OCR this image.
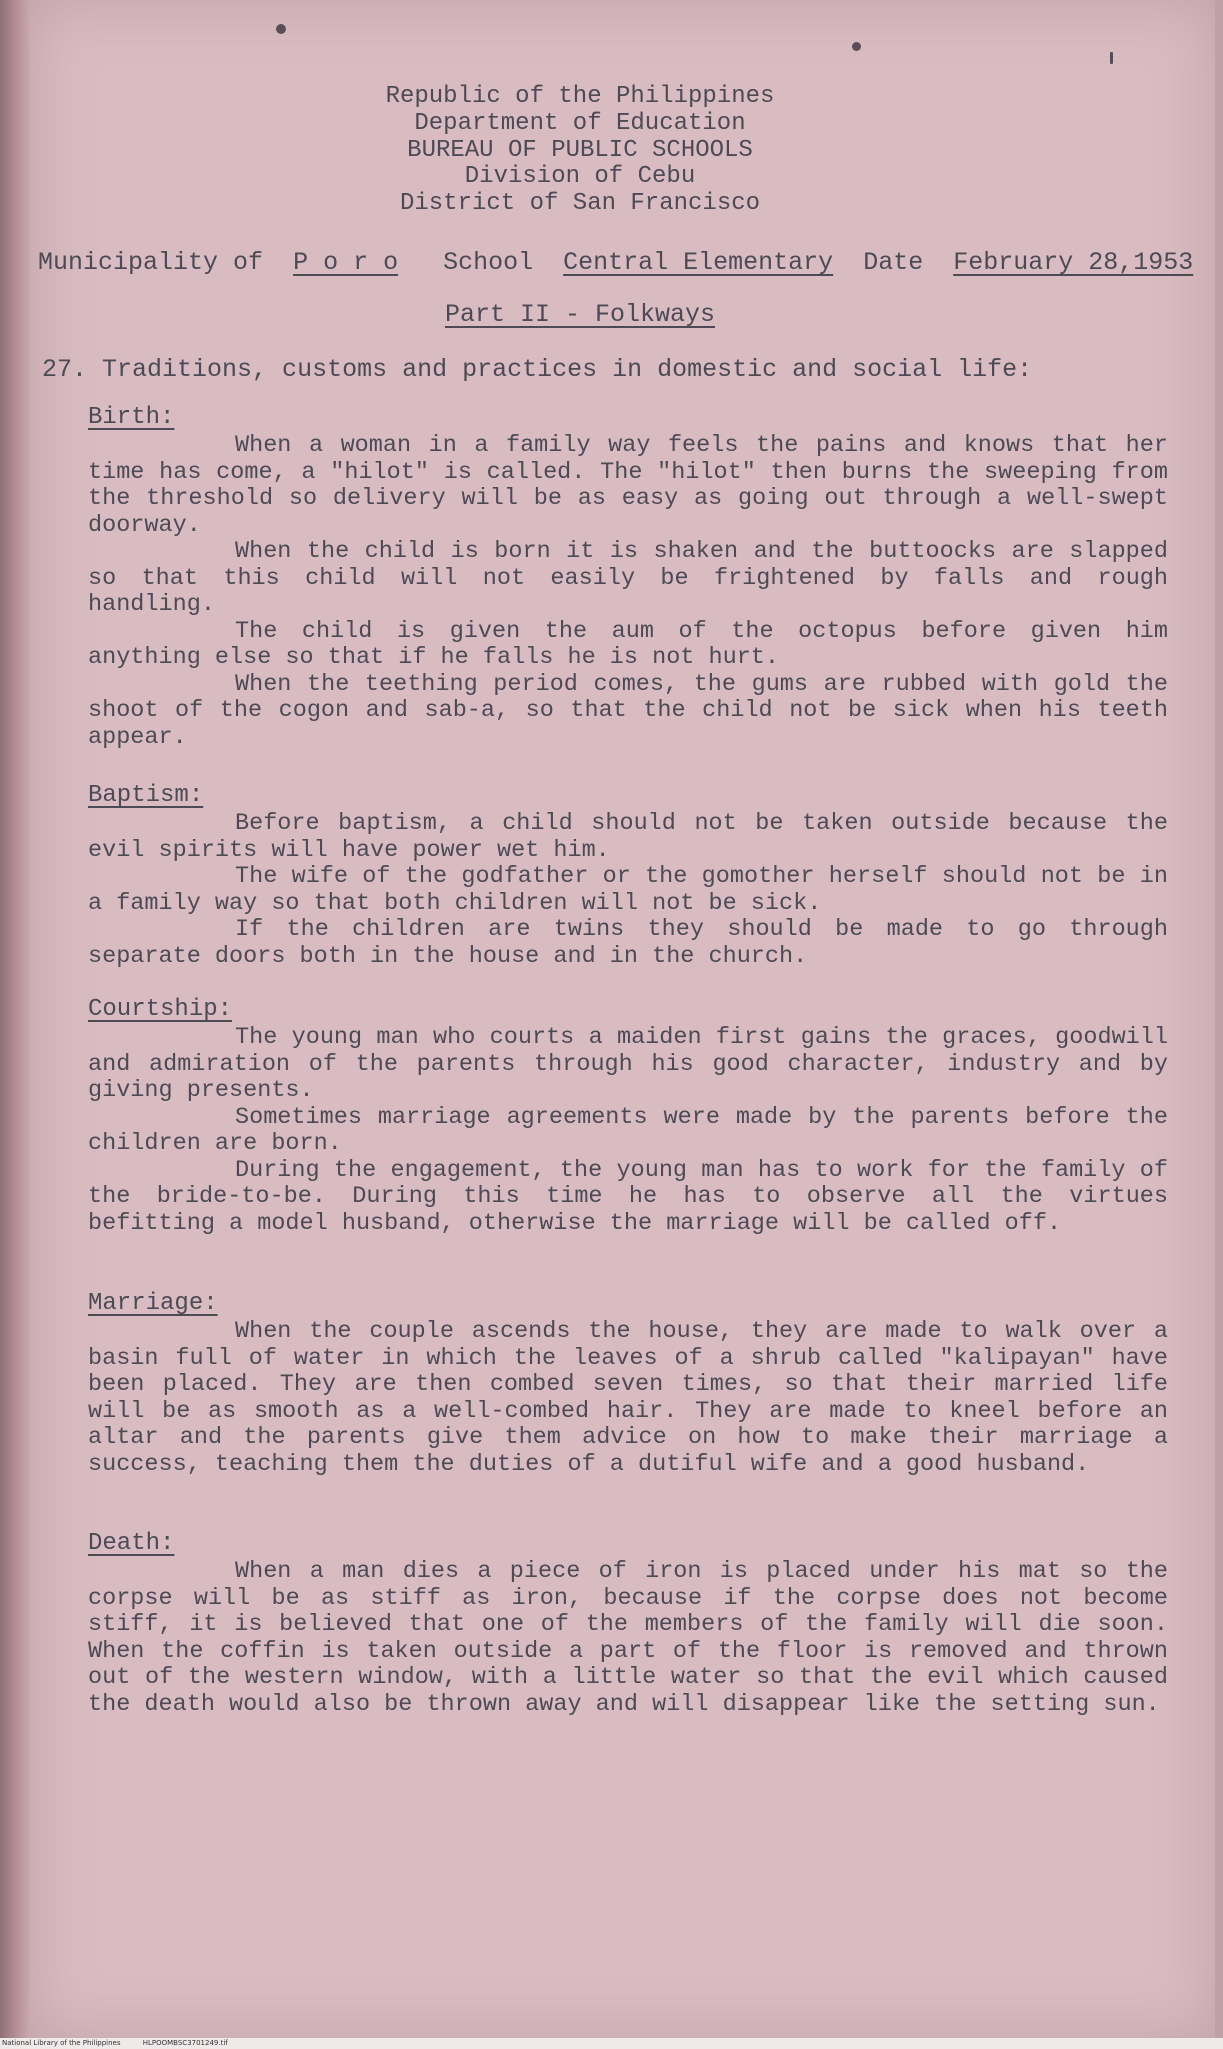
Republic of the Philippines
Department of Education
BUREAU OF PUBLIC SCHOOLS
Division of Cebu
District of San Francisco
Municipality of P o r o School Central Elementary Date February 28,1953
Part II - Folkways
27. Traditions, customs and practices in domestic and social life:
Birth:

When a woman in a family way feels the pains and knows that her time has come, a "hilot" is called. The "hilot" then burns the sweeping from the threshold so delivery will be as easy as going out through a well-swept doorway.

When the child is born it is shaken and the buttoocks are slapped so that this child will not easily be frightened by falls and rough handling.

The child is given the aum of the octopus before given him anything else so that if he falls he is not hurt.

When the teething period comes, the gums are rubbed with gold the shoot of the cogon and sab-a, so that the child not be sick when his teeth appear.

Baptism:

Before baptism, a child should not be taken outside because the evil spirits will have power wet him.

The wife of the godfather or the gomother herself should not be in a family way so that both children will not be sick.

If the children are twins they should be made to go through separate doors both in the house and in the church.

Courtship:

The young man who courts a maiden first gains the graces, goodwill and admiration of the parents through his good character, industry and by giving presents.

Sometimes marriage agreements were made by the parents before the children are born.

During the engagement, the young man has to work for the family of the bride-to-be. During this time he has to observe all the virtues befitting a model husband, otherwise the marriage will be called off.

Marriage:

When the couple ascends the house, they are made to walk over a basin full of water in which the leaves of a shrub called "kalipayan" have been placed. They are then combed seven times, so that their married life will be as smooth as a well-combed hair. They are made to kneel before an altar and the parents give them advice on how to make their marriage a success, teaching them the duties of a dutiful wife and a good husband.

Death:

When a man dies a piece of iron is placed under his mat so the corpse will be as stiff as iron, because if the corpse does not become stiff, it is believed that one of the members of the family will die soon. When the coffin is taken outside a part of the floor is removed and thrown out of the western window, with a little water so that the evil which caused the death would also be thrown away and will disappear like the setting sun.

National Library of the Philippines	HLPOOMBSC3701249.tif
